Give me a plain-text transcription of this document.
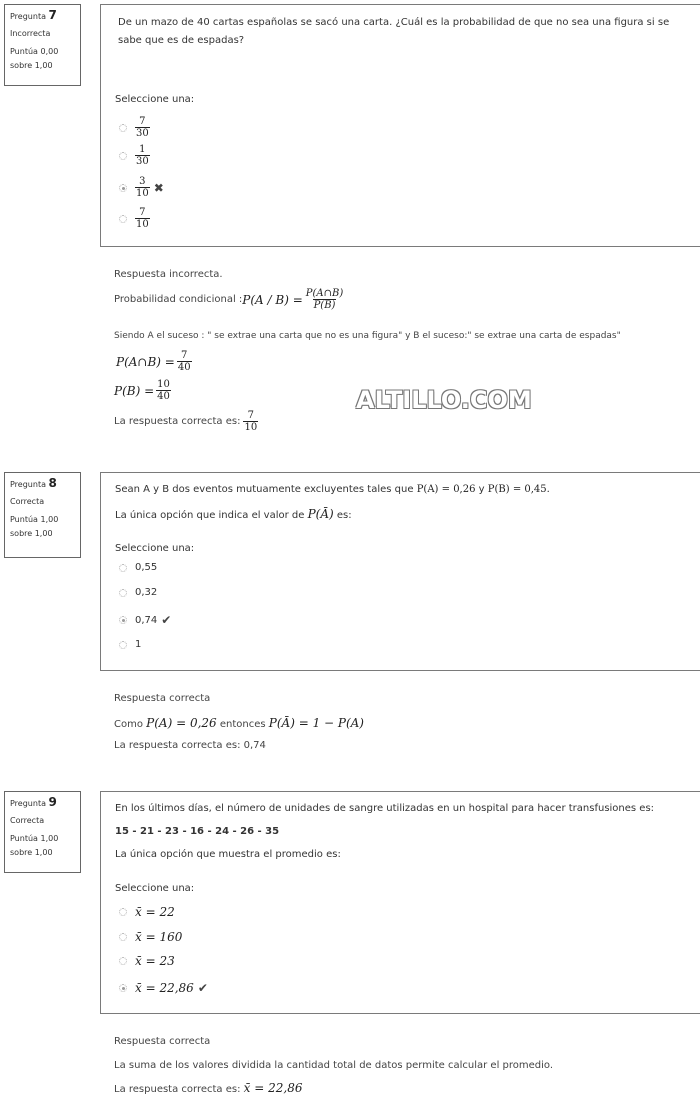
Pregunta 7
Incorrecta
Puntúa 0,00
sobre 1,00
De un mazo de 40 cartas españolas se sacó una carta. ¿Cuál es la probabilidad de que no sea una figura si se sabe que es de espadas?
Seleccione una:
$\frac{7}{30}$
$\frac{1}{30}$
$\frac{3}{10}$ ✖
$\frac{7}{10}$
Respuesta incorrecta.
Probabilidad condicional : $P(A / B) = \frac{P(A\cap B)}{P(B)}$
Siendo A el suceso : " se extrae una carta que no es una figura" y B el suceso:" se extrae una carta de espadas"
P(A∩B) = $\frac{7}{40}$
$P(B) = \frac{10}{40}$
La respuesta correcta es: $\frac{7}{10}$
ALTILLO.COM
Pregunta 8
Correcta
Puntúa 1,00
sobre 1,00
Sean A y B dos eventos mutuamente excluyentes tales que P(A) = 0,26 y P(B) = 0,45.
La única opción que indica el valor de P(Ā) es:
Seleccione una:
0,55
0,32
0,74 ✔
1
Respuesta correcta
Como P(A) = 0,26 entonces P(Ā) = 1 − P(A)
La respuesta correcta es: 0,74
Pregunta 9
Correcta
Puntúa 1,00
sobre 1,00
En los últimos días, el número de unidades de sangre utilizadas en un hospital para hacer transfusiones es:
15 - 21 - 23 - 16 - 24 - 26 - 35
La única opción que muestra el promedio es:
Seleccione una:
x̄ = 22
x̄ = 160
x̄ = 23
x̄ = 22,86 ✔
Respuesta correcta
La suma de los valores dividida la cantidad total de datos permite calcular el promedio.
La respuesta correcta es: x̄ = 22,86
